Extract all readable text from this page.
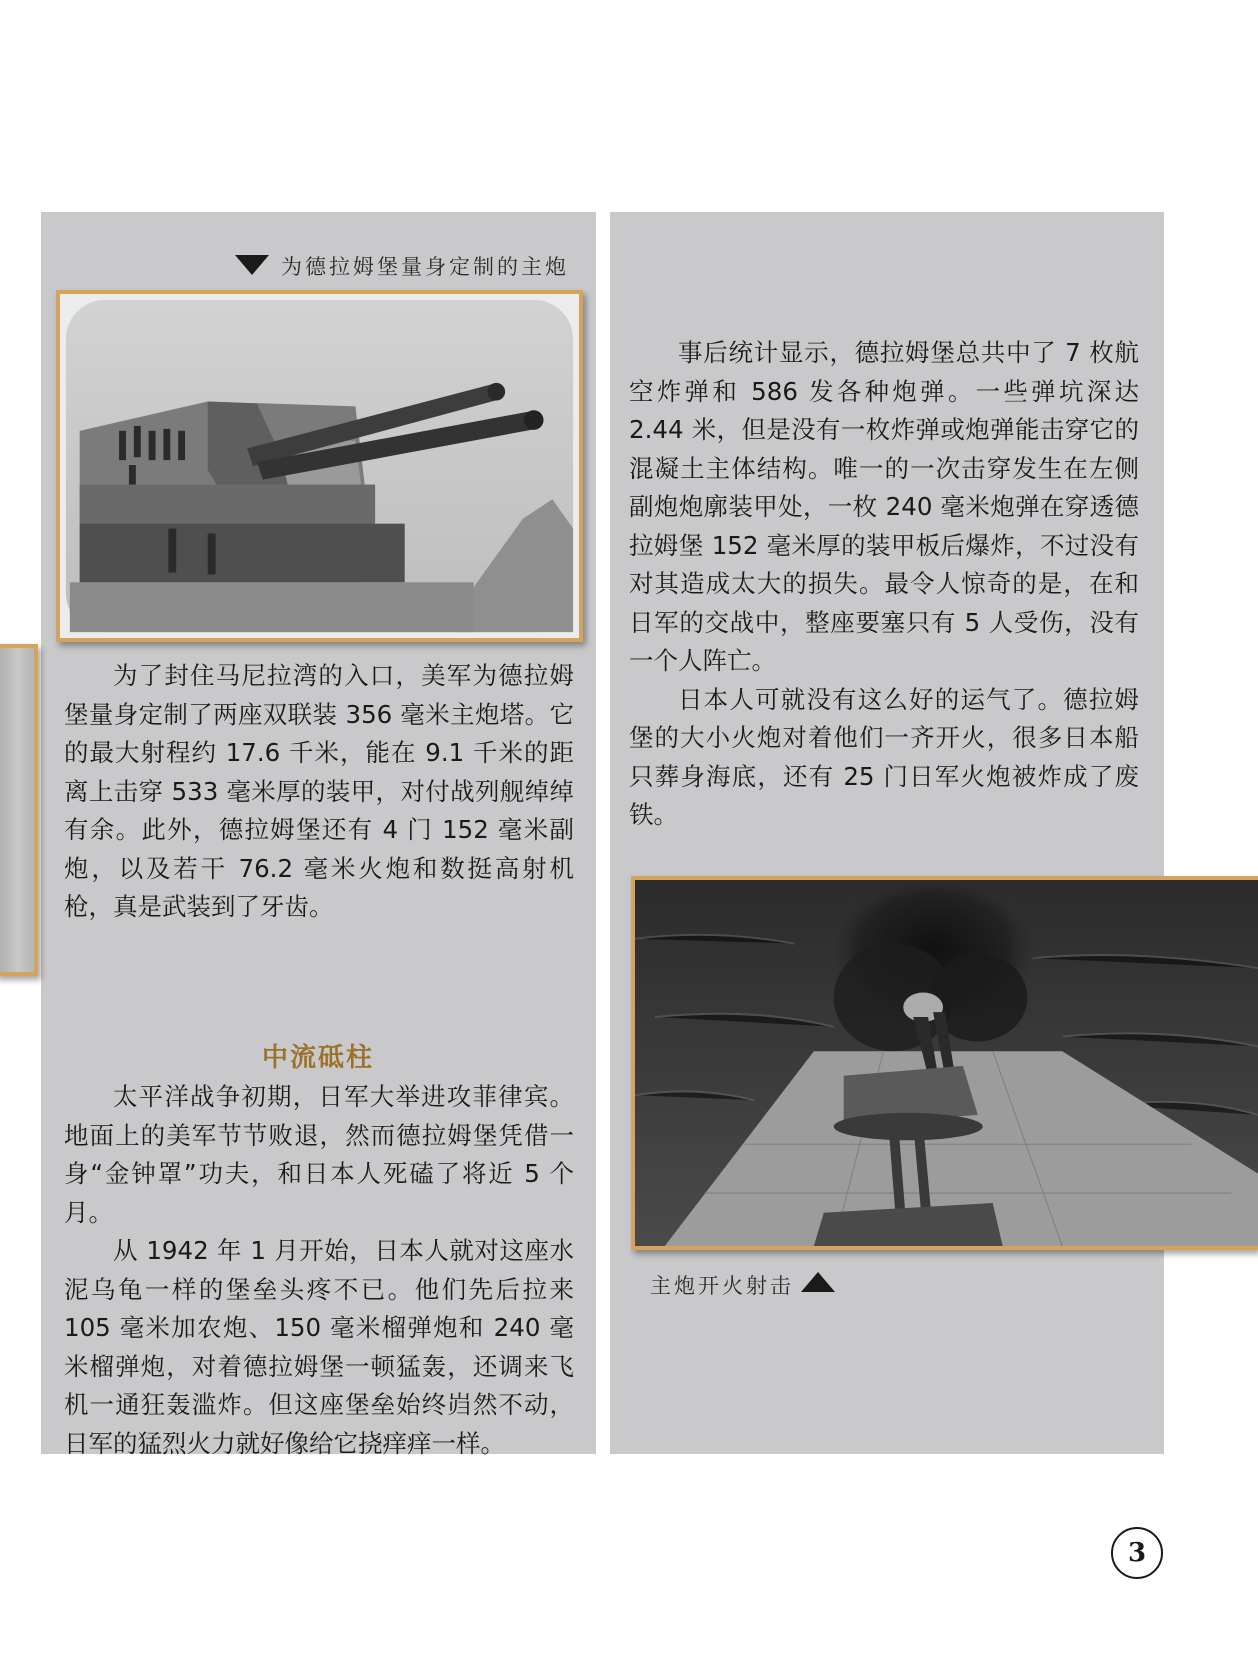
为德拉姆堡量身定制的主炮

为了封住马尼拉湾的入口，美军为德拉姆堡量身定制了两座双联装 356 毫米主炮塔。它的最大射程约 17.6 千米，能在 9.1 千米的距离上击穿 533 毫米厚的装甲，对付战列舰绰绰有余。此外，德拉姆堡还有 4 门 152 毫米副炮，以及若干 76.2 毫米火炮和数挺高射机枪，真是武装到了牙齿。

中流砥柱

太平洋战争初期，日军大举进攻菲律宾。地面上的美军节节败退，然而德拉姆堡凭借一身“金钟罩”功夫，和日本人死磕了将近 5 个月。

从 1942 年 1 月开始，日本人就对这座水泥乌龟一样的堡垒头疼不已。他们先后拉来 105 毫米加农炮、150 毫米榴弹炮和 240 毫米榴弹炮，对着德拉姆堡一顿猛轰，还调来飞机一通狂轰滥炸。但这座堡垒始终岿然不动，日军的猛烈火力就好像给它挠痒痒一样。

事后统计显示，德拉姆堡总共中了 7 枚航空炸弹和 586 发各种炮弹。一些弹坑深达 2.44 米，但是没有一枚炸弹或炮弹能击穿它的混凝土主体结构。唯一的一次击穿发生在左侧副炮炮廓装甲处，一枚 240 毫米炮弹在穿透德拉姆堡 152 毫米厚的装甲板后爆炸，不过没有对其造成太大的损失。最令人惊奇的是，在和日军的交战中，整座要塞只有 5 人受伤，没有一个人阵亡。

日本人可就没有这么好的运气了。德拉姆堡的大小火炮对着他们一齐开火，很多日本船只葬身海底，还有 25 门日军火炮被炸成了废铁。

主炮开火射击
3
